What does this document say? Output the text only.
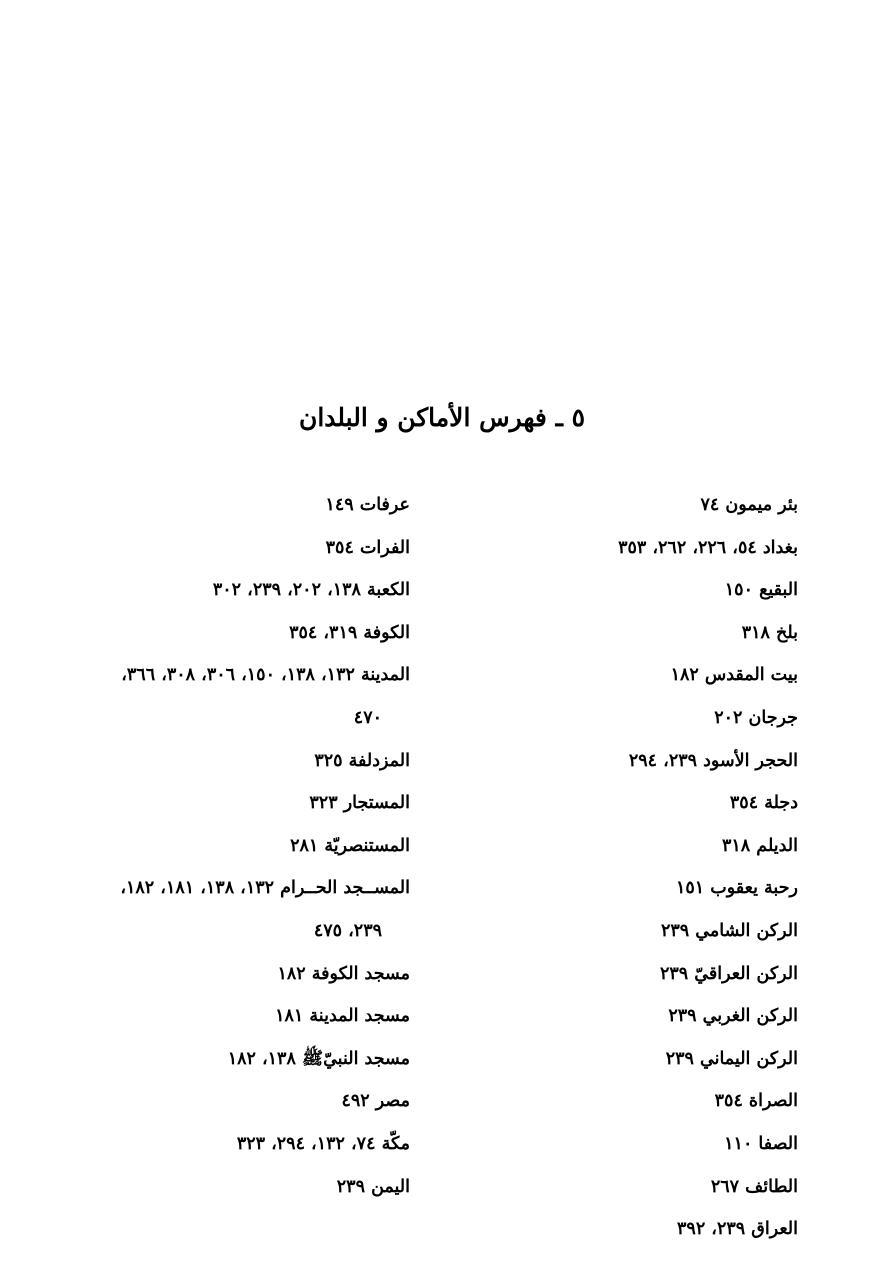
٥ ـ فهرس الأماكن و البلدان
بئر ميمون ٧٤
بغداد ٥٤، ٢٢٦، ٢٦٢، ٣٥٣
البقيع ١٥٠
بلخ ٣١٨
بيت المقدس ١٨٢
جرجان ٢٠٢
الحجر الأسود ٢٣٩، ٢٩٤
دجلة ٣٥٤
الديلم ٣١٨
رحبة يعقوب ١٥١
الركن الشامي ٢٣٩
الركن العراقيّ ٢٣٩
الركن الغربي ٢٣٩
الركن اليماني ٢٣٩
الصراة ٣٥٤
الصفا ١١٠
الطائف ٢٦٧
العراق ٢٣٩، ٣٩٢
عرفات ١٤٩
الفرات ٣٥٤
الكعبة ١٣٨، ٢٠٢، ٢٣٩، ٣٠٢
الكوفة ٣١٩، ٣٥٤
المدينة ١٣٢، ١٣٨، ١٥٠، ٣٠٦، ٣٠٨، ٣٦٦،
٤٧٠
المزدلفة ٣٢٥
المستجار ٣٢٣
المستنصريّة ٢٨١
المســجد الحــرام ١٣٢، ١٣٨، ١٨١، ١٨٢،
٢٣٩، ٤٧٥
مسجد الكوفة ١٨٢
مسجد المدينة ١٨١
مسجد النبيّﷺ ١٣٨، ١٨٢
مصر ٤٩٢
مكّة ٧٤، ١٣٢، ٢٩٤، ٣٢٣
اليمن ٢٣٩
